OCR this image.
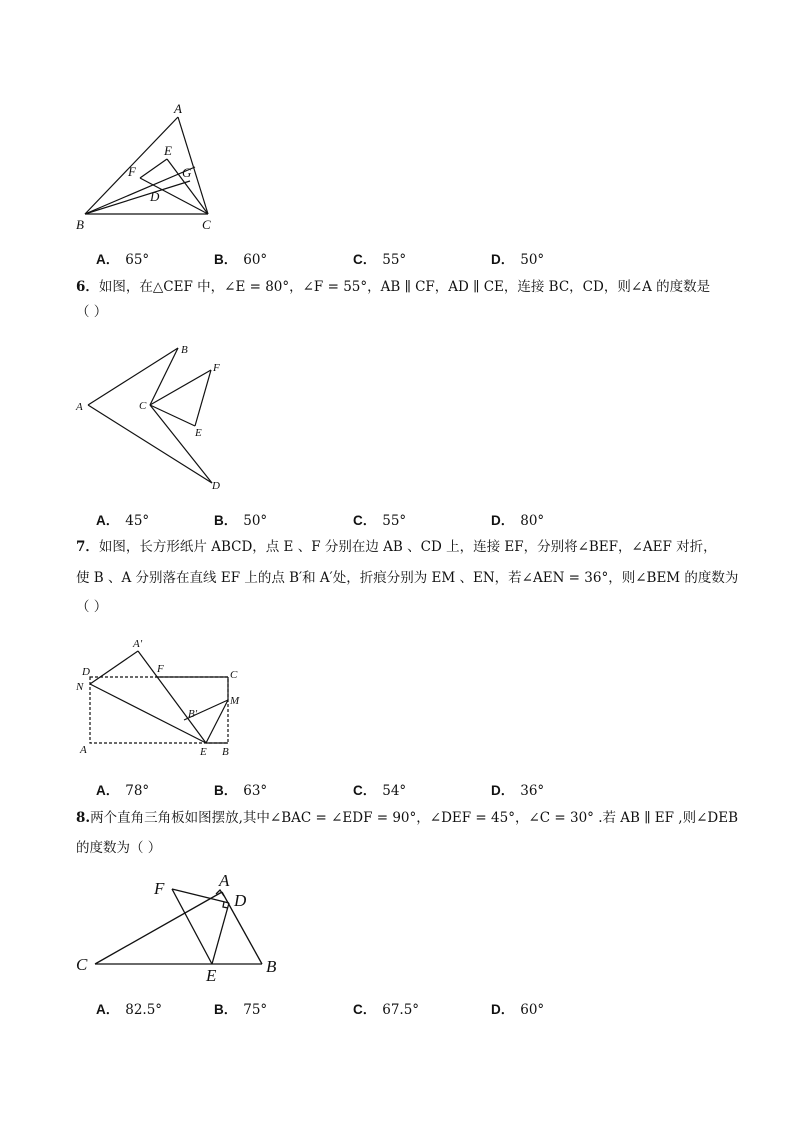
A
E
F	G
D
B	C
A． 65°	B． 60°	C． 55°	D． 50°
6．如图，在△CEF 中，∠E = 80°，∠F = 55°，AB ∥ CF，AD ∥ CE，连接 BC，CD，则∠A 的度数是
（ ）
A
B
C
F
E
D
A． 45°	B． 50°	C． 55°	D． 80°
7．如图，长方形纸片 ABCD，点 E 、F 分别在边 AB 、CD 上，连接 EF，分别将∠BEF，∠AEF 对折，
使 B 、A 分别落在直线 EF 上的点 B′和 A′处，折痕分别为 EM 、EN，若∠AEN = 36°，则∠BEM 的度数为
（ ）
A′
D	F	C
N
M
B′
A	E B
A． 78°	B． 63°	C． 54°	D． 36°
8.两个直角三角板如图摆放,其中∠BAC = ∠EDF = 90°，∠DEF = 45°，∠C = 30° .若 AB ∥ EF ,则∠DEB
的度数为（ ）
F	A
D
C
E	B
A． 82.5°	B． 75°	C． 67.5°	D． 60°
